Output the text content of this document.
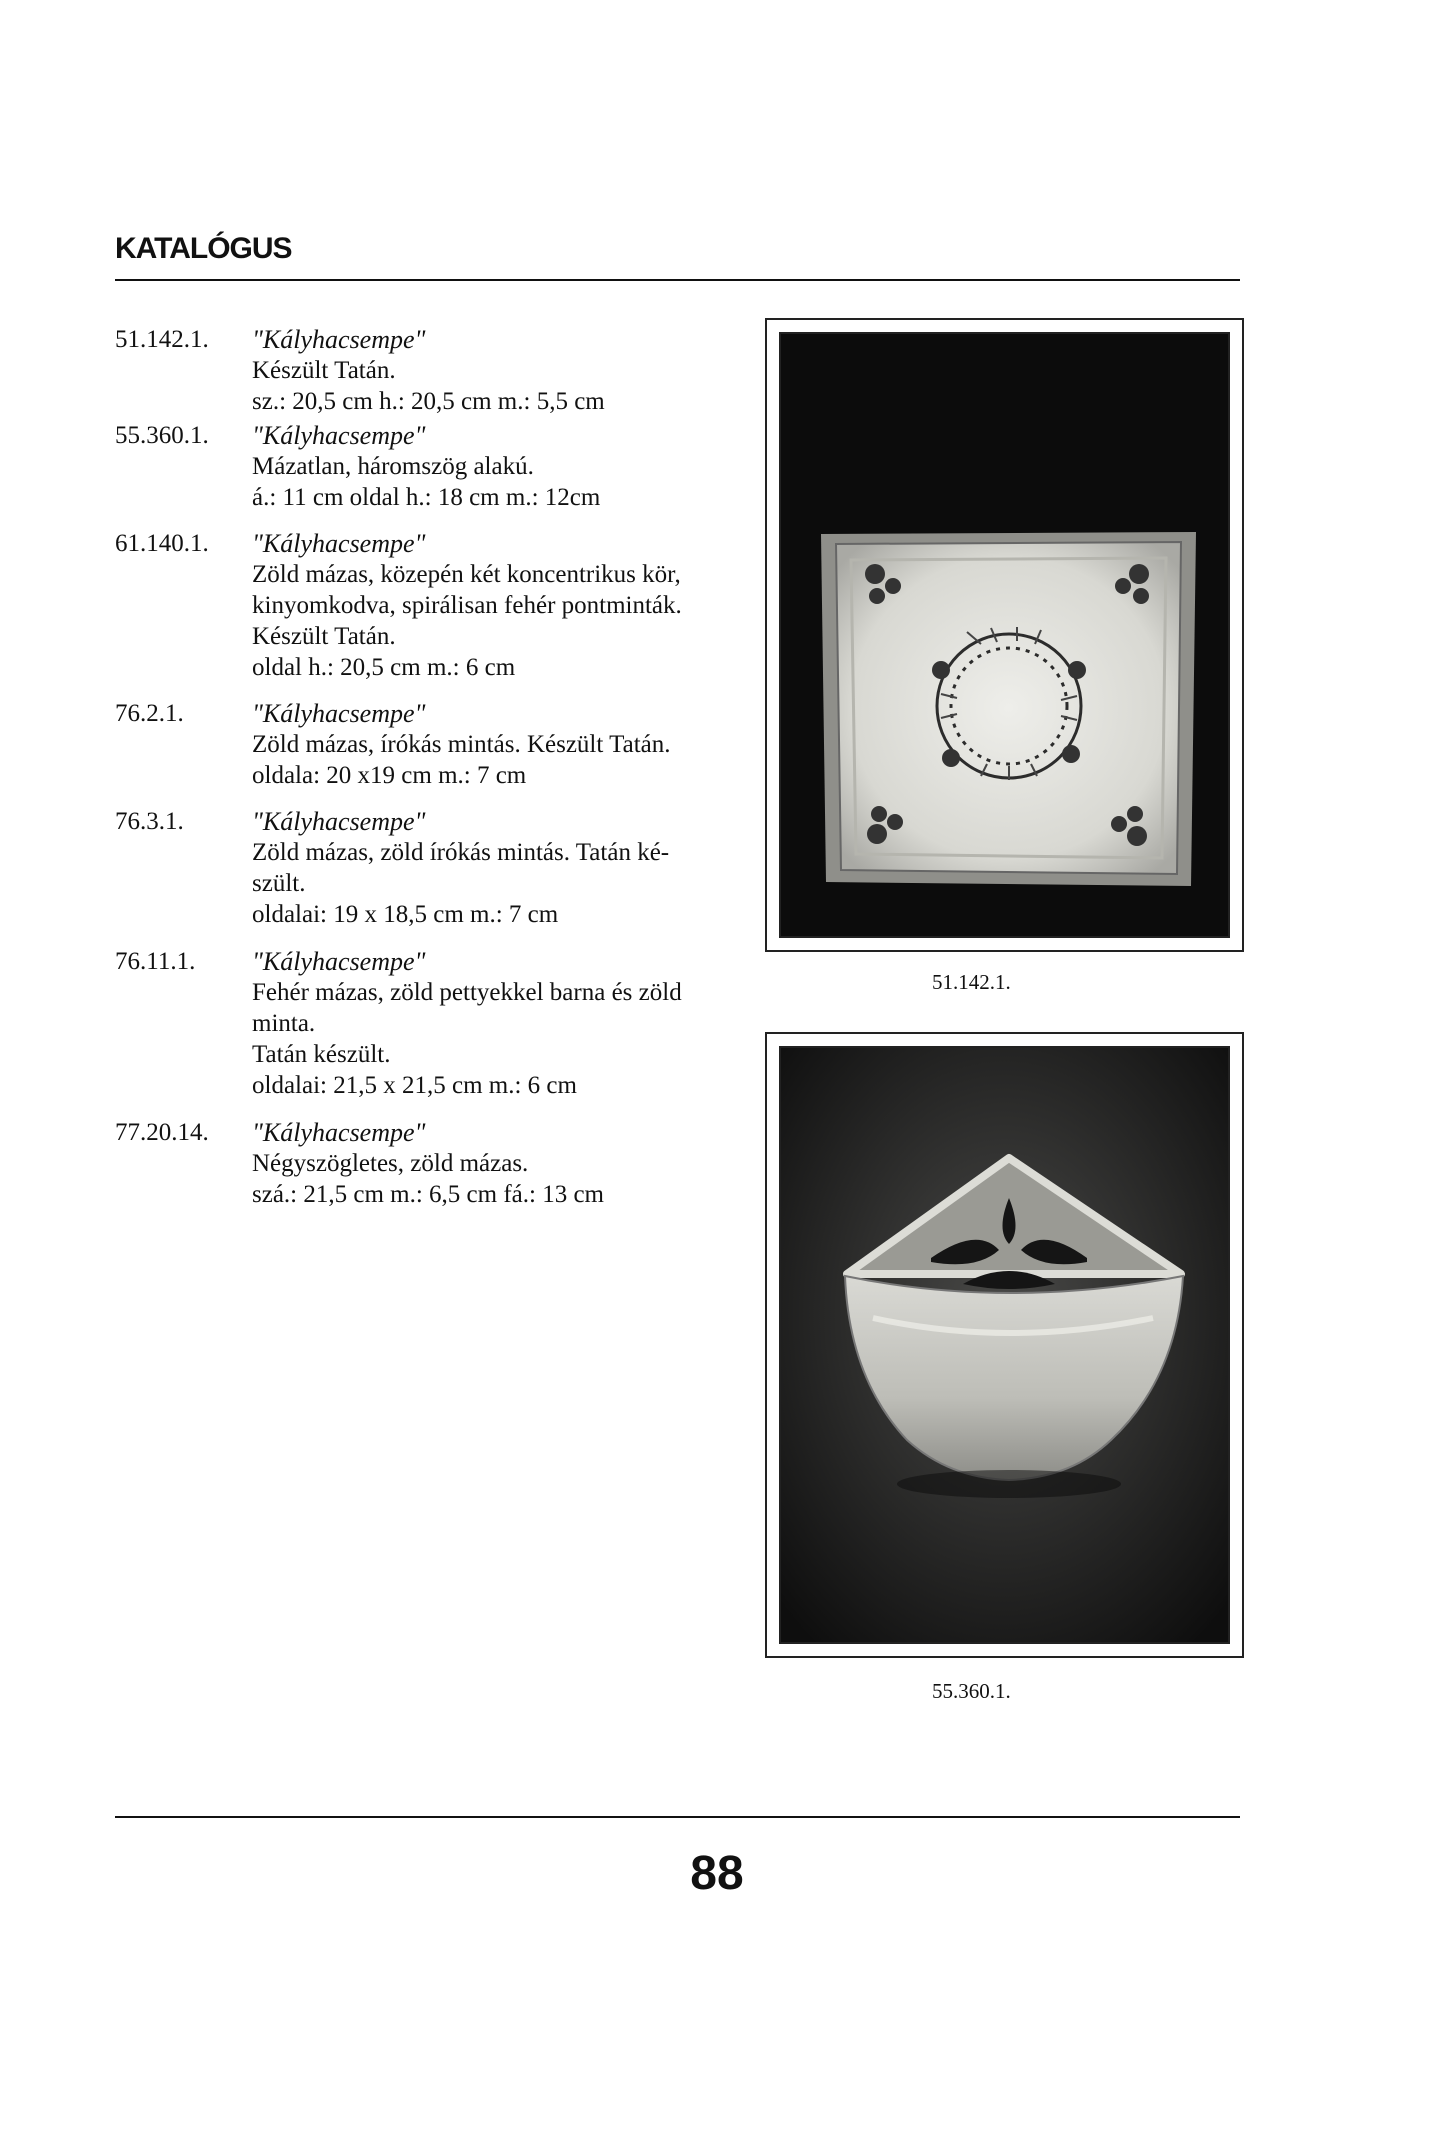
KATALÓGUS
51.142.1.	"Kályhacsempe"
Készült Tatán.
sz.: 20,5 cm h.: 20,5 cm m.: 5,5 cm
55.360.1.	"Kályhacsempe"
Mázatlan, háromszög alakú.
á.: 11 cm oldal h.: 18 cm m.: 12cm
61.140.1.	"Kályhacsempe"
Zöld mázas, közepén két koncentrikus kör,
kinyomkodva, spirálisan fehér pontminták.
Készült Tatán.
oldal h.: 20,5 cm m.: 6 cm
76.2.1.	"Kályhacsempe"
Zöld mázas, írókás mintás. Készült Tatán.
oldala: 20 x19 cm m.: 7 cm
76.3.1.	"Kályhacsempe"
Zöld mázas, zöld írókás mintás. Tatán ké-
szült.
oldalai: 19 x 18,5 cm m.: 7 cm
76.11.1.	"Kályhacsempe"
Fehér mázas, zöld pettyekkel barna és zöld
minta.
Tatán készült.
oldalai: 21,5 x 21,5 cm m.: 6 cm
77.20.14.	"Kályhacsempe"
Négyszögletes, zöld mázas.
szá.: 21,5 cm m.: 6,5 cm fá.: 13 cm
51.142.1.
55.360.1.
88
